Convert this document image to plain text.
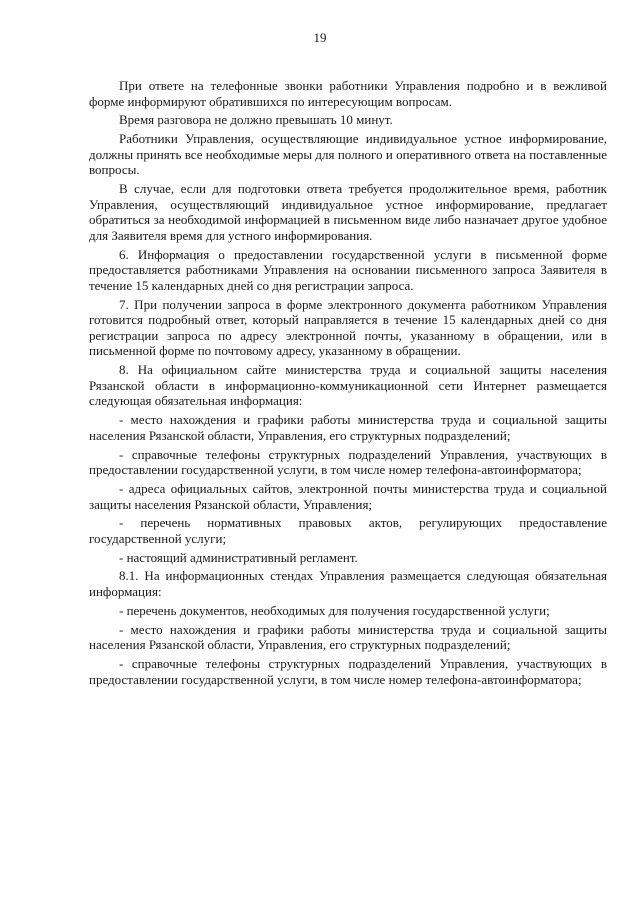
19

При ответе на телефонные звонки работники Управления подробно и в вежливой форме информируют обратившихся по интересующим вопросам.

Время разговора не должно превышать 10 минут.

Работники Управления, осуществляющие индивидуальное устное информирование, должны принять все необходимые меры для полного и оперативного ответа на поставленные вопросы.

В случае, если для подготовки ответа требуется продолжительное время, работник Управления, осуществляющий индивидуальное устное информирование, предлагает обратиться за необходимой информацией в письменном виде либо назначает другое удобное для Заявителя время для устного информирования.

6. Информация о предоставлении государственной услуги в письменной форме предоставляется работниками Управления на основании письменного запроса Заявителя в течение 15 календарных дней со дня регистрации запроса.

7. При получении запроса в форме электронного документа работником Управления готовится подробный ответ, который направляется в течение 15 календарных дней со дня регистрации запроса по адресу электронной почты, указанному в обращении, или в письменной форме по почтовому адресу, указанному в обращении.

8. На официальном сайте министерства труда и социальной защиты населения Рязанской области в информационно-коммуникационной сети Интернет размещается следующая обязательная информация:

- место нахождения и графики работы министерства труда и социальной защиты населения Рязанской области, Управления, его структурных подразделений;

- справочные телефоны структурных подразделений Управления, участвующих в предоставлении государственной услуги, в том числе номер телефона-автоинформатора;

- адреса официальных сайтов, электронной почты министерства труда и социальной защиты населения Рязанской области, Управления;

- перечень нормативных правовых актов, регулирующих предоставление государственной услуги;

- настоящий административный регламент.

8.1. На информационных стендах Управления размещается следующая обязательная информация:

- перечень документов, необходимых для получения государственной услуги;

- место нахождения и графики работы министерства труда и социальной защиты населения Рязанской области, Управления, его структурных подразделений;

- справочные телефоны структурных подразделений Управления, участвующих в предоставлении государственной услуги, в том числе номер телефона-автоинформатора;
